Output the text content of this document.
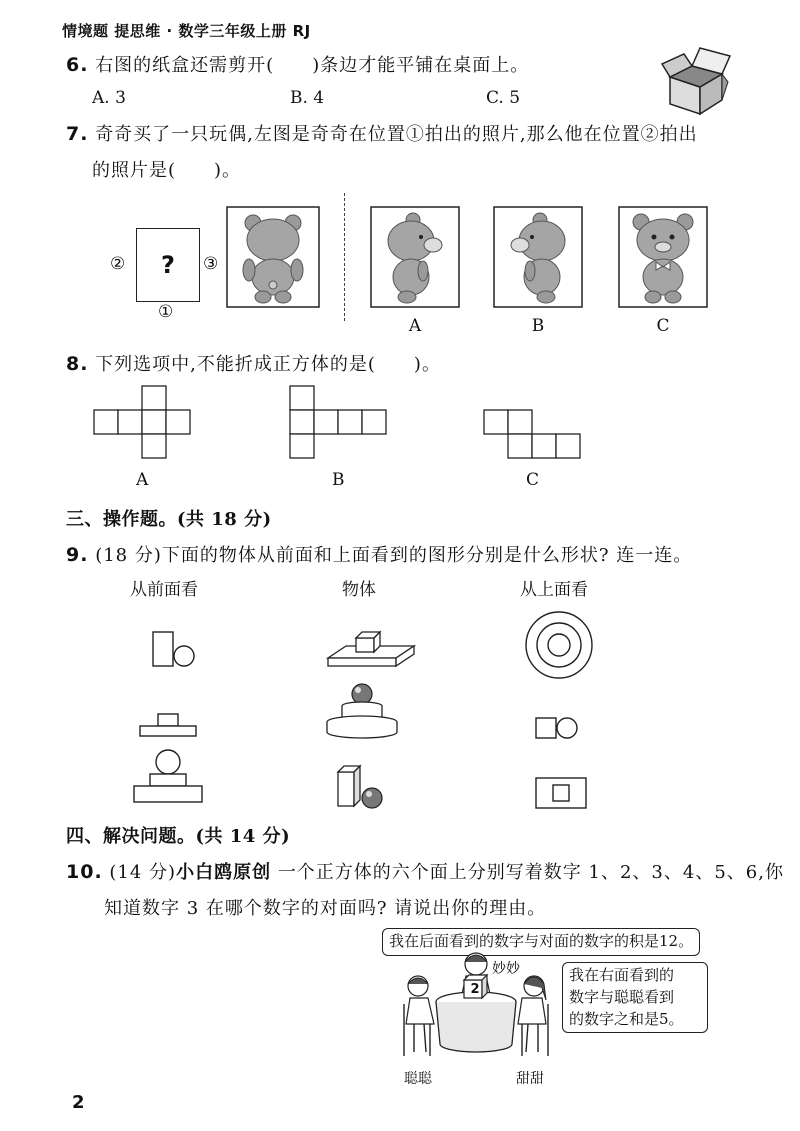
情境题 提思维 · 数学三年级上册 RJ
6. 右图的纸盒还需剪开(　　)条边才能平铺在桌面上。
A. 3	B. 4	C. 5
7. 奇奇买了一只玩偶,左图是奇奇在位置①拍出的照片,那么他在位置②拍出
的照片是(　　)。
②	?	③
①
A	B	C
8. 下列选项中,不能折成正方体的是(　　)。
A	B	C
三、操作题。(共 18 分)
9. (18 分)下面的物体从前面和上面看到的图形分别是什么形状? 连一连。
从前面看	物体	从上面看
四、解决问题。(共 14 分)
10. (14 分)小白鸥原创 一个正方体的六个面上分别写着数字 1、2、3、4、5、6,你
知道数字 3 在哪个数字的对面吗? 请说出你的理由。
我在后面看到的数字与对面的数字的积是12。
妙妙	我在右面看到的
数字与聪聪看到
的数字之和是5。
2
聪聪	甜甜
2
